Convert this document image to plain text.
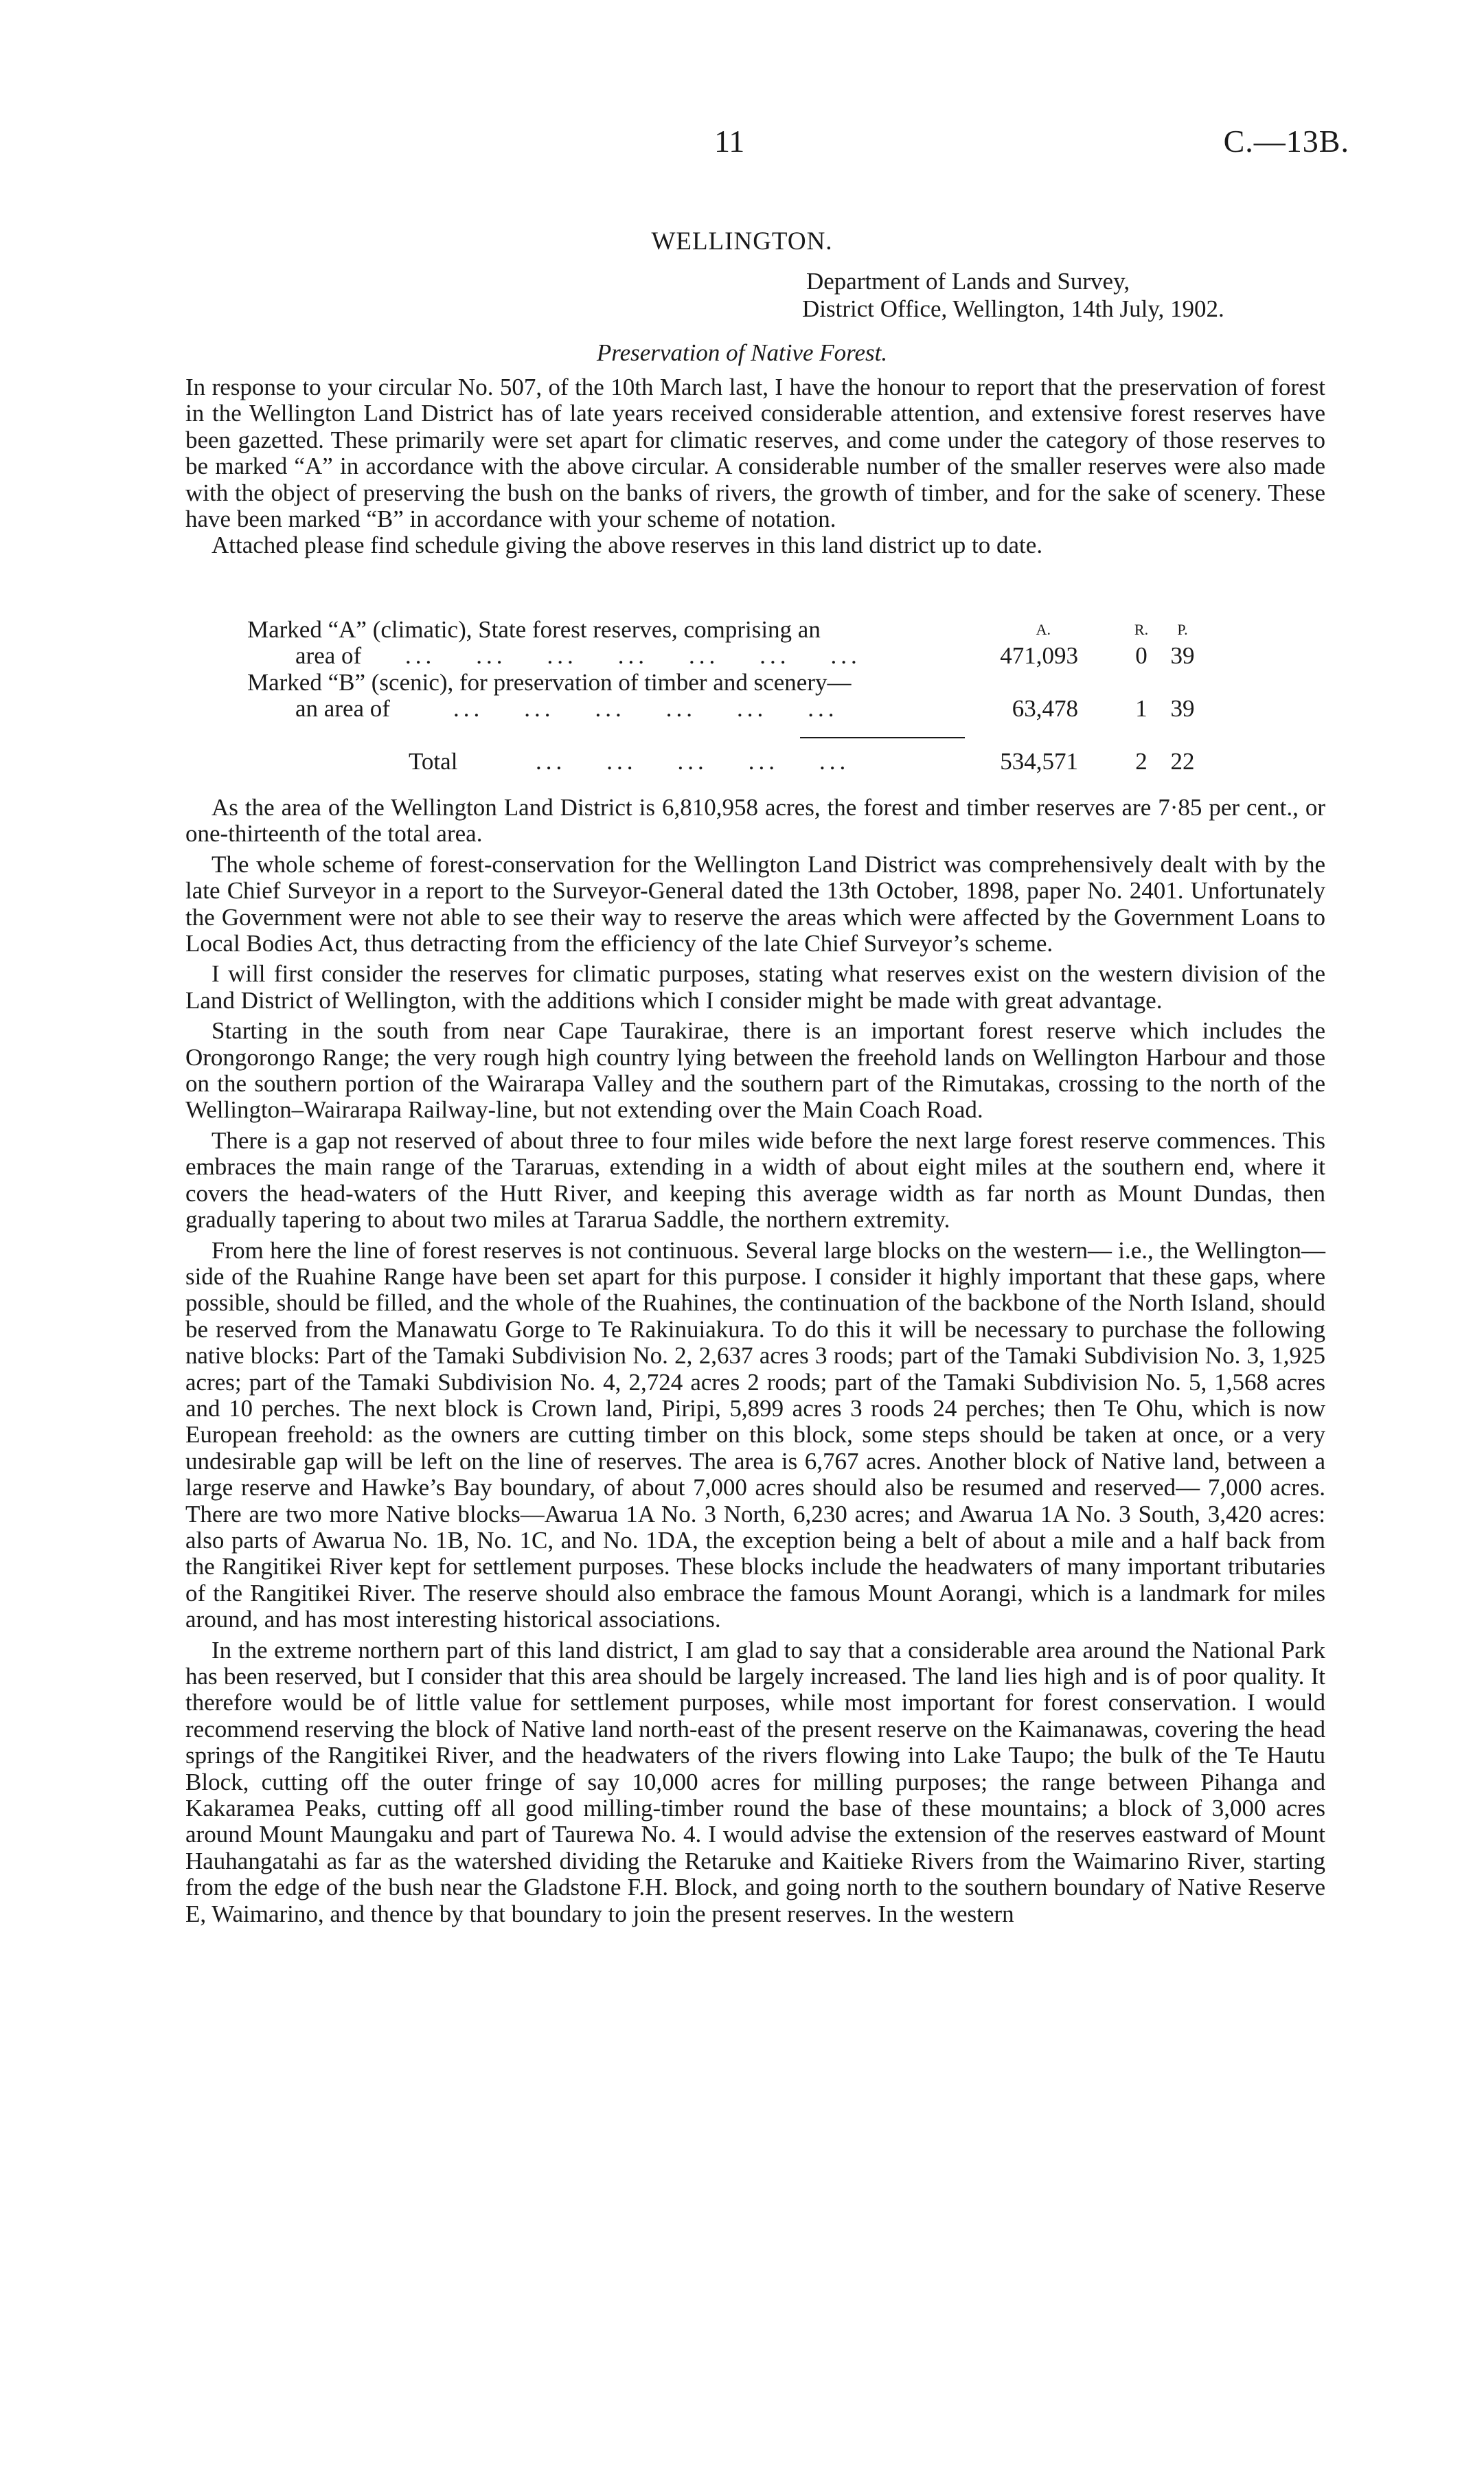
11	C.—13B.
WELLINGTON.
Department of Lands and Survey,
District Office, Wellington, 14th July, 1902.
Preservation of Native Forest.

In response to your circular No. 507, of the 10th March last, I have the honour to report that the preservation of forest in the Wellington Land District has of late years received considerable attention, and extensive forest reserves have been gazetted. These primarily were set apart for climatic reserves, and come under the category of those reserves to be marked “A” in accordance with the above circular. A considerable number of the smaller reserves were also made with the object of preserving the bush on the banks of rivers, the growth of timber, and for the sake of scenery. These have been marked “B” in accordance with your scheme of notation.

Attached please find schedule giving the above reserves in this land district up to date.

Marked “A” (climatic), State forest reserves, comprising an	A.	R.	P.
area of ...    ...    ...    ...    ...    ...    ...	471,093	0 39
Marked “B” (scenic), for preservation of timber and scenery—
an area of	...    ...    ...    ...    ...    ...	63,478	1 39
Total	...    ...    ...    ...    ...	534,571	2 22

As the area of the Wellington Land District is 6,810,958 acres, the forest and timber reserves are 7·85 per cent., or one-thirteenth of the total area.

The whole scheme of forest-conservation for the Wellington Land District was comprehensively dealt with by the late Chief Surveyor in a report to the Surveyor-General dated the 13th October, 1898, paper No. 2401. Unfortunately the Government were not able to see their way to reserve the areas which were affected by the Government Loans to Local Bodies Act, thus detracting from the efficiency of the late Chief Surveyor’s scheme.

I will first consider the reserves for climatic purposes, stating what reserves exist on the western division of the Land District of Wellington, with the additions which I consider might be made with great advantage.

Starting in the south from near Cape Taurakirae, there is an important forest reserve which includes the Orongorongo Range; the very rough high country lying between the freehold lands on Wellington Harbour and those on the southern portion of the Wairarapa Valley and the southern part of the Rimutakas, crossing to the north of the Wellington–Wairarapa Railway-line, but not extending over the Main Coach Road.

There is a gap not reserved of about three to four miles wide before the next large forest reserve commences. This embraces the main range of the Tararuas, extending in a width of about eight miles at the southern end, where it covers the head-waters of the Hutt River, and keeping this average width as far north as Mount Dundas, then gradually tapering to about two miles at Tararua Saddle, the northern extremity.

From here the line of forest reserves is not continuous. Several large blocks on the western— i.e., the Wellington—side of the Ruahine Range have been set apart for this purpose. I consider it highly important that these gaps, where possible, should be filled, and the whole of the Ruahines, the continuation of the backbone of the North Island, should be reserved from the Manawatu Gorge to Te Rakinuiakura. To do this it will be necessary to purchase the following native blocks: Part of the Tamaki Subdivision No. 2, 2,637 acres 3 roods; part of the Tamaki Subdivision No. 3, 1,925 acres; part of the Tamaki Subdivision No. 4, 2,724 acres 2 roods; part of the Tamaki Subdivision No. 5, 1,568 acres and 10 perches. The next block is Crown land, Piripi, 5,899 acres 3 roods 24 perches; then Te Ohu, which is now European freehold: as the owners are cutting timber on this block, some steps should be taken at once, or a very undesirable gap will be left on the line of reserves. The area is 6,767 acres. Another block of Native land, between a large reserve and Hawke’s Bay boundary, of about 7,000 acres should also be resumed and reserved— 7,000 acres. There are two more Native blocks—Awarua 1A No. 3 North, 6,230 acres; and Awarua 1A No. 3 South, 3,420 acres: also parts of Awarua No. 1B, No. 1C, and No. 1DA, the exception being a belt of about a mile and a half back from the Rangitikei River kept for settlement purposes. These blocks include the headwaters of many important tributaries of the Rangitikei River. The reserve should also embrace the famous Mount Aorangi, which is a landmark for miles around, and has most interesting historical associations.

In the extreme northern part of this land district, I am glad to say that a considerable area around the National Park has been reserved, but I consider that this area should be largely increased. The land lies high and is of poor quality. It therefore would be of little value for settlement purposes, while most important for forest conservation. I would recommend reserving the block of Native land north-east of the present reserve on the Kaimanawas, covering the head springs of the Rangitikei River, and the headwaters of the rivers flowing into Lake Taupo; the bulk of the Te Hautu Block, cutting off the outer fringe of say 10,000 acres for milling purposes; the range between Pihanga and Kakaramea Peaks, cutting off all good milling-timber round the base of these mountains; a block of 3,000 acres around Mount Maungaku and part of Taurewa No. 4. I would advise the extension of the reserves eastward of Mount Hauhangatahi as far as the watershed dividing the Retaruke and Kaitieke Rivers from the Waimarino River, starting from the edge of the bush near the Gladstone F.H. Block, and going north to the southern boundary of Native Reserve E, Waimarino, and thence by that boundary to join the present reserves. In the western
